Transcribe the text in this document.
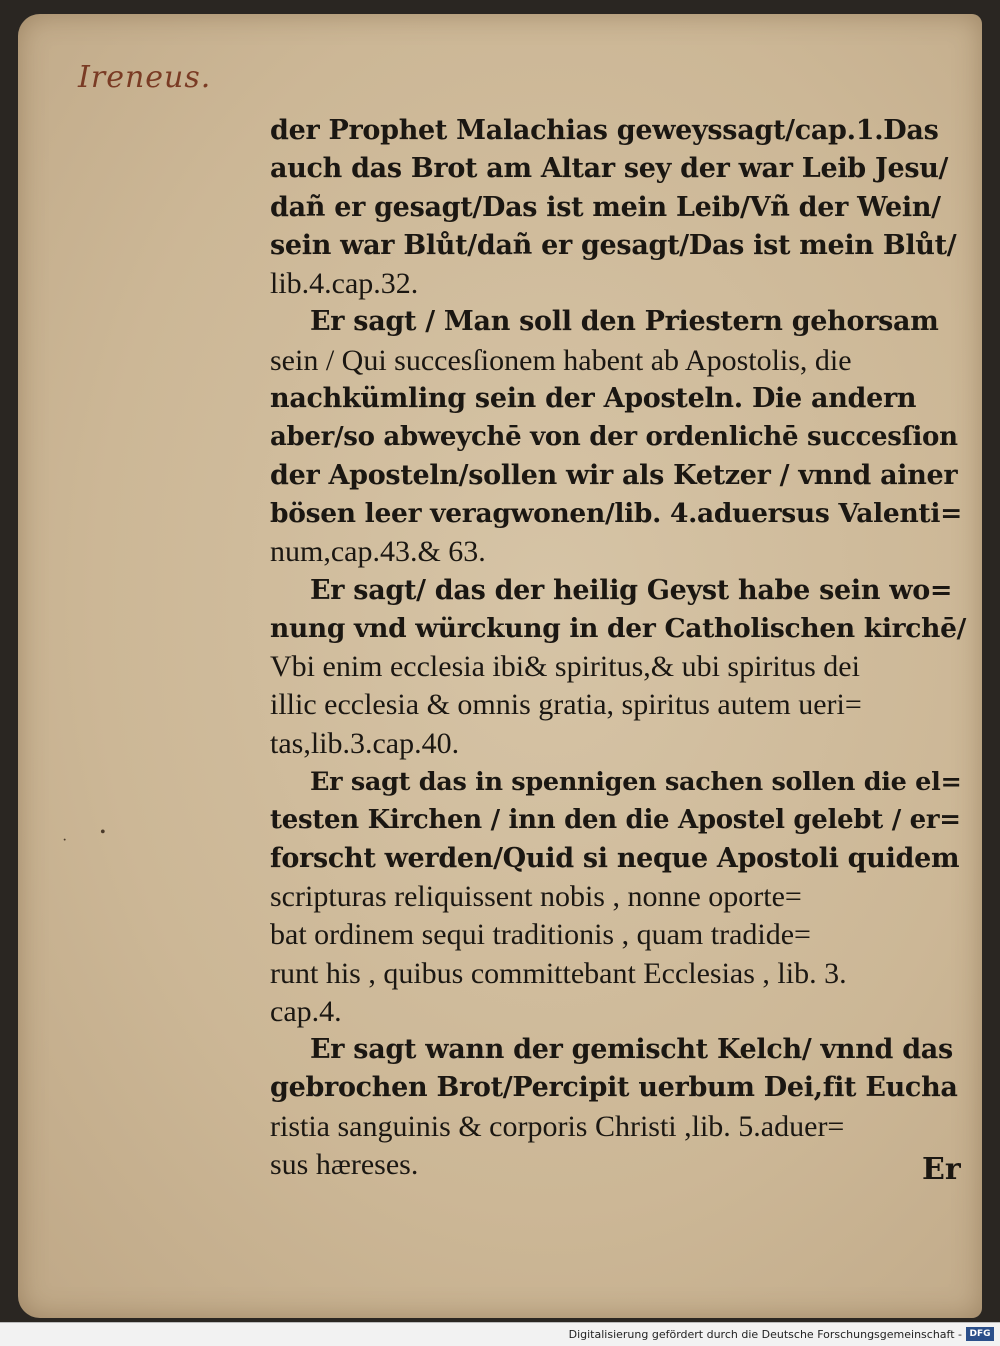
Ireneus.
der Prophet Malachias geweyssagt/cap.1.Das
auch das Brot am Altar sey der war Leib Jesu/
dañ er gesagt/Das ist mein Leib/Vñ der Wein/
sein war Blůt/dañ er gesagt/Das ist mein Blůt/
lib.4.cap.32.
Er sagt / Man soll den Priestern gehorsam
sein / Qui succesſionem habent ab Apostolis, die
nachkümling sein der Aposteln. Die andern
aber/so abweychē von der ordenlichē succesſion
der Aposteln/sollen wir als Ketzer / vnnd ainer
bösen leer veragwonen/lib. 4.aduersus Valenti=
num,cap.43.& 63.
Er sagt/ das der heilig Geyst habe sein wo=
nung vnd würckung in der Catholischen kirchē/
Vbi enim ecclesia ibi& spiritus,& ubi spiritus dei
illic ecclesia & omnis gratia, spiritus autem ueri=
tas,lib.3.cap.40.
Er sagt das in spennigen sachen sollen die el=
testen Kirchen / inn den die Apostel gelebt / er=
forscht werden/Quid si neque Apostoli quidem
scripturas reliquissent nobis , nonne oporte=
bat ordinem sequi traditionis , quam tradide=
runt his , quibus committebant Ecclesias , lib. 3.
cap.4.
Er sagt wann der gemischt Kelch/ vnnd das
gebrochen Brot/Percipit uerbum Dei,fit Eucha
ristia sanguinis & corporis Christi ,lib. 5.aduer=
sus hæreses.	Er
•
·
Digitalisierung gefördert durch die Deutsche Forschungsgemeinschaft - DFG
